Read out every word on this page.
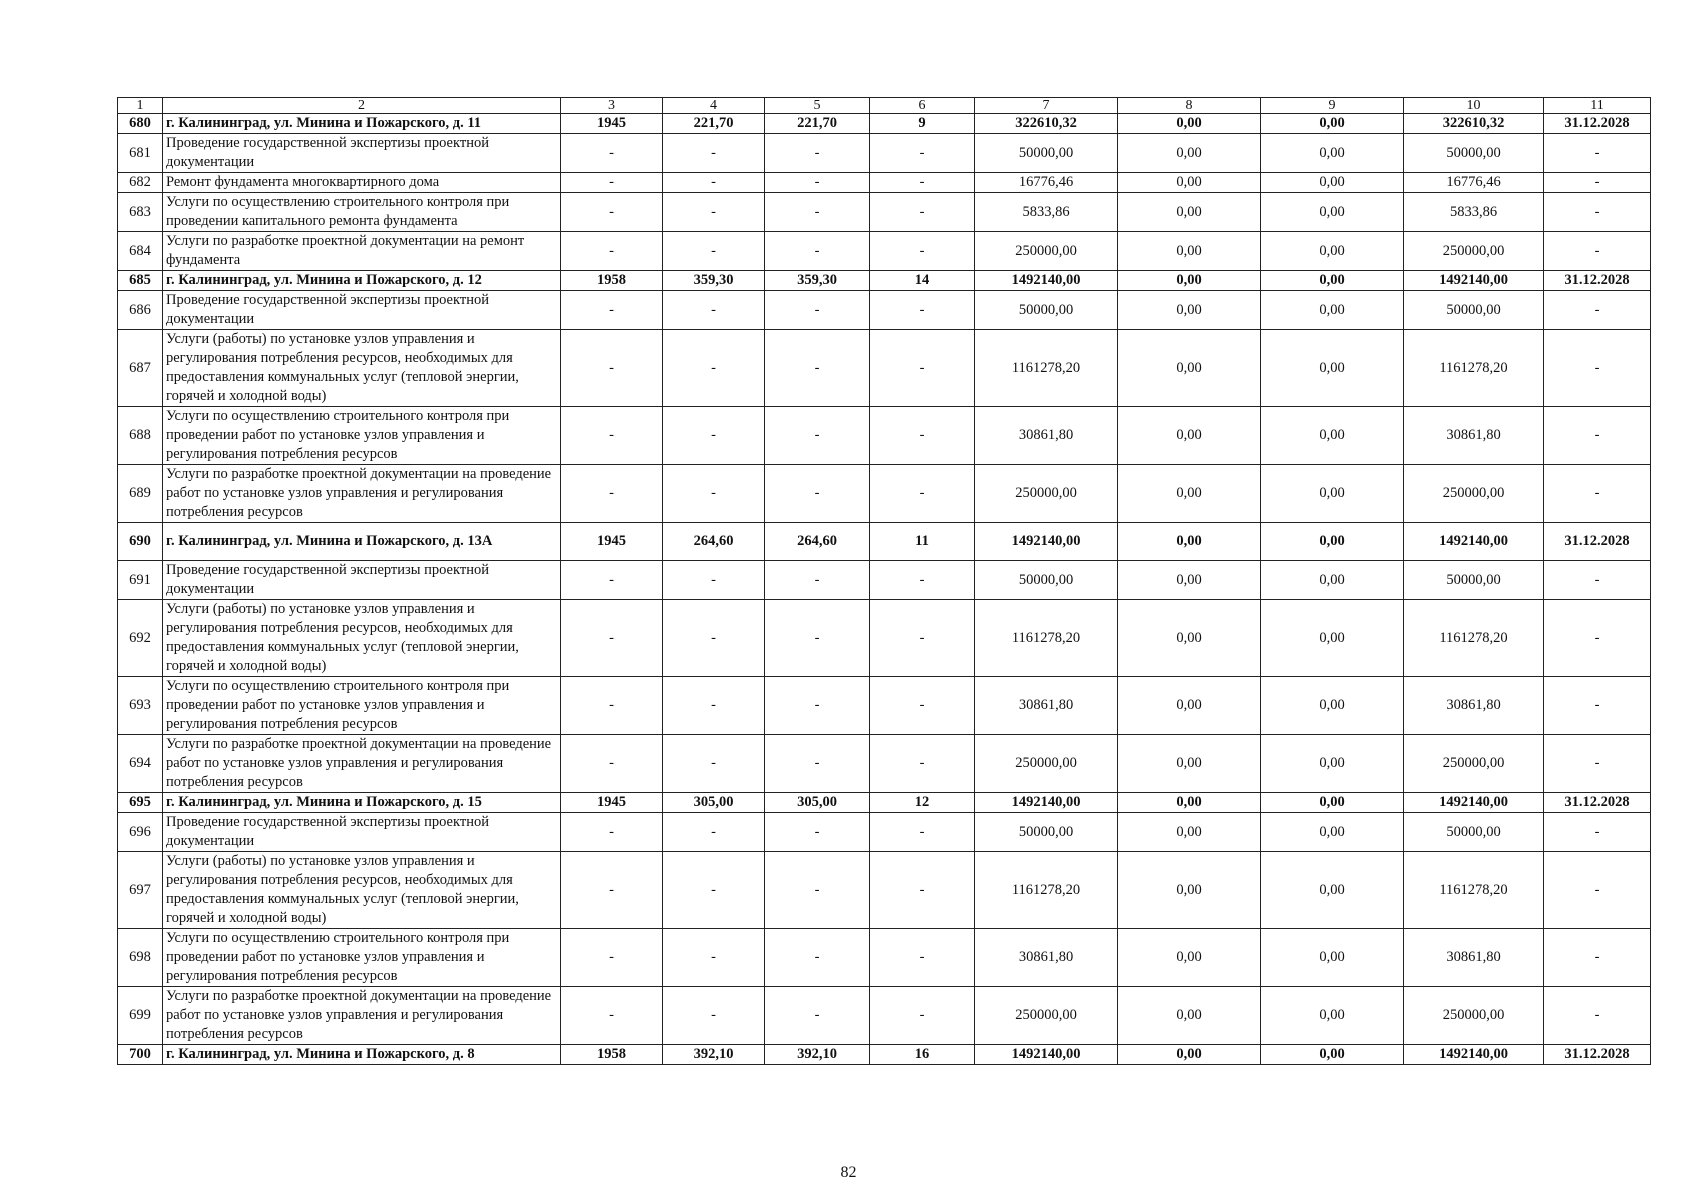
1	2	3	4	5	6	7	8	9	10	11
680	г. Калининград, ул. Минина и Пожарского, д. 11	1945	221,70	221,70	9	322610,32	0,00	0,00	322610,32	31.12.2028
681	Проведение государственной экспертизы проектной документации	-	-	-	-	50000,00	0,00	0,00	50000,00	-
682	Ремонт фундамента многоквартирного дома	-	-	-	-	16776,46	0,00	0,00	16776,46	-
683	Услуги по осуществлению строительного контроля при проведении капитального ремонта фундамента	-	-	-	-	5833,86	0,00	0,00	5833,86	-
684	Услуги по разработке проектной документации на ремонт фундамента	-	-	-	-	250000,00	0,00	0,00	250000,00	-
685	г. Калининград, ул. Минина и Пожарского, д. 12	1958	359,30	359,30	14	1492140,00	0,00	0,00	1492140,00	31.12.2028
686	Проведение государственной экспертизы проектной документации	-	-	-	-	50000,00	0,00	0,00	50000,00	-
687	Услуги (работы) по установке узлов управления и регулирования потребления ресурсов, необходимых для предоставления коммунальных услуг (тепловой энергии, горячей и холодной воды)	-	-	-	-	1161278,20	0,00	0,00	1161278,20	-
688	Услуги по осуществлению строительного контроля при проведении работ по установке узлов управления и регулирования потребления ресурсов	-	-	-	-	30861,80	0,00	0,00	30861,80	-
689	Услуги по разработке проектной документации на проведение работ по установке узлов управления и регулирования потребления ресурсов	-	-	-	-	250000,00	0,00	0,00	250000,00	-
690	г. Калининград, ул. Минина и Пожарского, д. 13А	1945	264,60	264,60	11	1492140,00	0,00	0,00	1492140,00	31.12.2028
691	Проведение государственной экспертизы проектной документации	-	-	-	-	50000,00	0,00	0,00	50000,00	-
692	Услуги (работы) по установке узлов управления и регулирования потребления ресурсов, необходимых для предоставления коммунальных услуг (тепловой энергии, горячей и холодной воды)	-	-	-	-	1161278,20	0,00	0,00	1161278,20	-
693	Услуги по осуществлению строительного контроля при проведении работ по установке узлов управления и регулирования потребления ресурсов	-	-	-	-	30861,80	0,00	0,00	30861,80	-
694	Услуги по разработке проектной документации на проведение работ по установке узлов управления и регулирования потребления ресурсов	-	-	-	-	250000,00	0,00	0,00	250000,00	-
695	г. Калининград, ул. Минина и Пожарского, д. 15	1945	305,00	305,00	12	1492140,00	0,00	0,00	1492140,00	31.12.2028
696	Проведение государственной экспертизы проектной документации	-	-	-	-	50000,00	0,00	0,00	50000,00	-
697	Услуги (работы) по установке узлов управления и регулирования потребления ресурсов, необходимых для предоставления коммунальных услуг (тепловой энергии, горячей и холодной воды)	-	-	-	-	1161278,20	0,00	0,00	1161278,20	-
698	Услуги по осуществлению строительного контроля при проведении работ по установке узлов управления и регулирования потребления ресурсов	-	-	-	-	30861,80	0,00	0,00	30861,80	-
699	Услуги по разработке проектной документации на проведение работ по установке узлов управления и регулирования потребления ресурсов	-	-	-	-	250000,00	0,00	0,00	250000,00	-
700	г. Калининград, ул. Минина и Пожарского, д. 8	1958	392,10	392,10	16	1492140,00	0,00	0,00	1492140,00	31.12.2028
82
